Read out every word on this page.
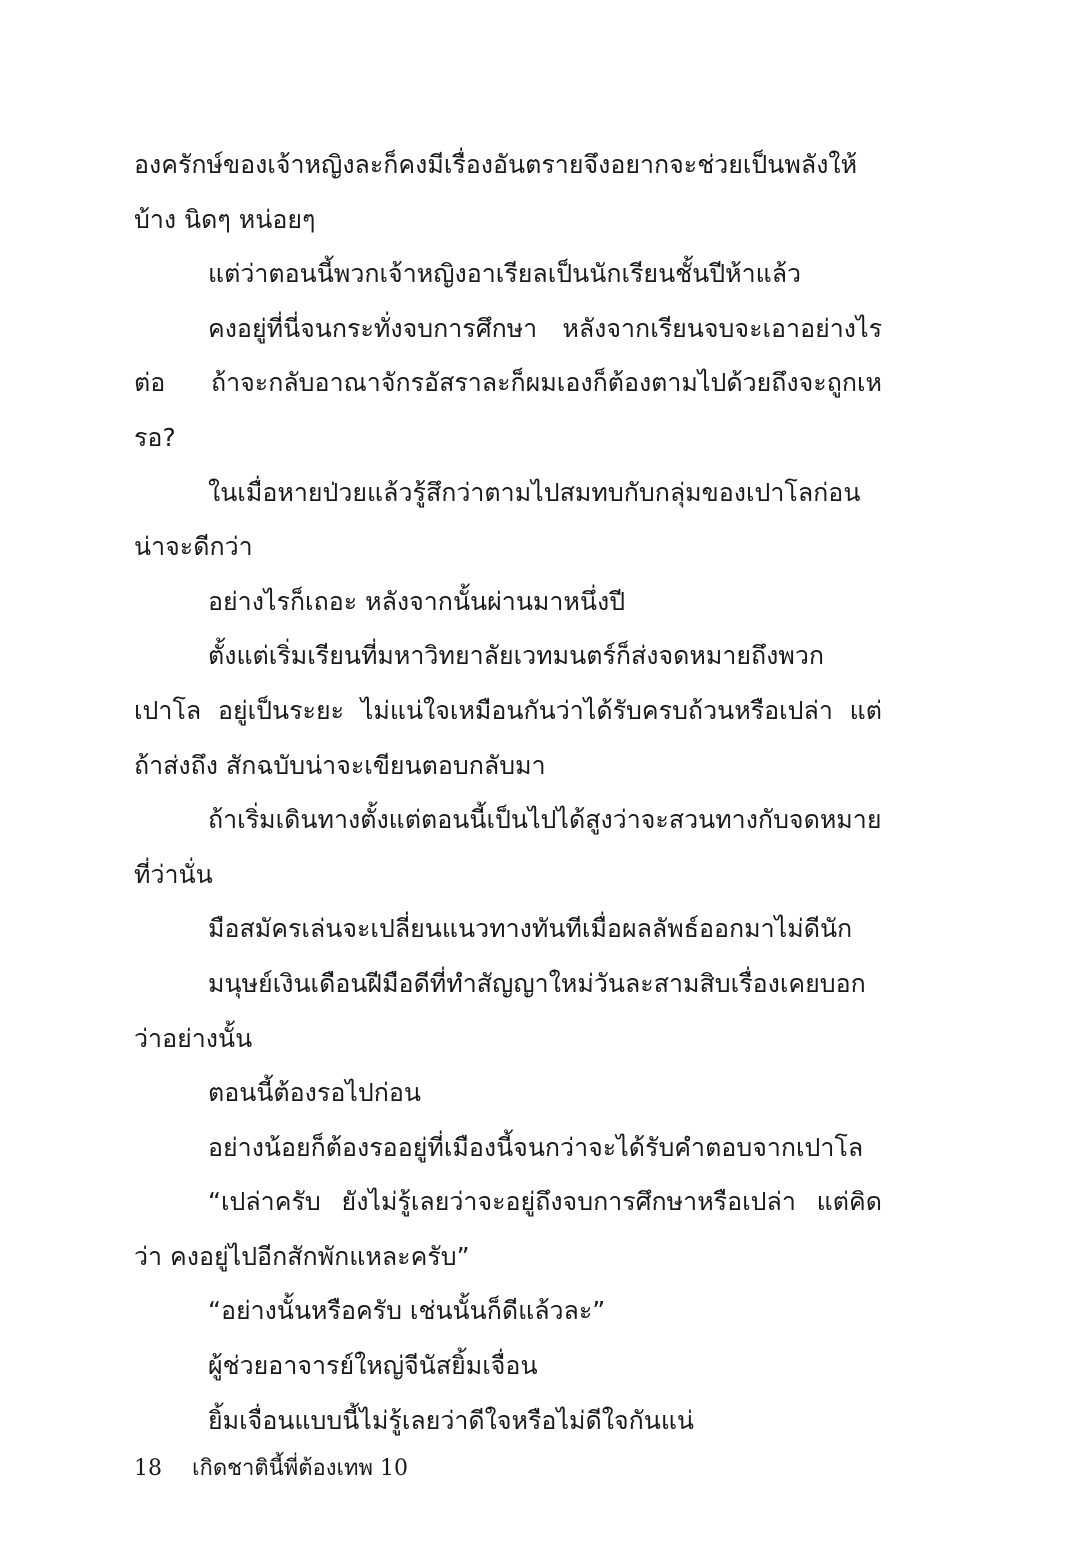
องครักษ์ของเจ้าหญิงละก็คงมีเรื่องอันตรายจึงอยากจะช่วยเป็นพลังให้บ้าง นิดๆ หน่อยๆ

แต่ว่าตอนนี้พวกเจ้าหญิงอาเรียลเป็นนักเรียนชั้นปีห้าแล้ว

คงอยู่ที่นี่จนกระทั่งจบการศึกษา หลังจากเรียนจบจะเอาอย่างไรต่อ ถ้าจะกลับอาณาจักรอัสราละก็ผมเองก็ต้องตามไปด้วยถึงจะถูกเหรอ?

ในเมื่อหายป่วยแล้วรู้สึกว่าตามไปสมทบกับกลุ่มของเปาโลก่อน น่าจะดีกว่า

อย่างไรก็เถอะ หลังจากนั้นผ่านมาหนึ่งปี

ตั้งแต่เริ่มเรียนที่มหาวิทยาลัยเวทมนตร์ก็ส่งจดหมายถึงพวกเปาโล อยู่เป็นระยะ ไม่แน่ใจเหมือนกันว่าได้รับครบถ้วนหรือเปล่า แต่ถ้าส่งถึง สักฉบับน่าจะเขียนตอบกลับมา

ถ้าเริ่มเดินทางตั้งแต่ตอนนี้เป็นไปได้สูงว่าจะสวนทางกับจดหมาย ที่ว่านั่น

มือสมัครเล่นจะเปลี่ยนแนวทางทันทีเมื่อผลลัพธ์ออกมาไม่ดีนัก

มนุษย์เงินเดือนฝีมือดีที่ทำสัญญาใหม่วันละสามสิบเรื่องเคยบอก ว่าอย่างนั้น

ตอนนี้ต้องรอไปก่อน

อย่างน้อยก็ต้องรออยู่ที่เมืองนี้จนกว่าจะได้รับคำตอบจากเปาโล

“เปล่าครับ ยังไม่รู้เลยว่าจะอยู่ถึงจบการศึกษาหรือเปล่า แต่คิดว่า คงอยู่ไปอีกสักพักแหละครับ”

“อย่างนั้นหรือครับ เช่นนั้นก็ดีแล้วละ”

ผู้ช่วยอาจารย์ใหญ่จีนัสยิ้มเจื่อน

ยิ้มเจื่อนแบบนี้ไม่รู้เลยว่าดีใจหรือไม่ดีใจกันแน่

18 เกิดชาตินี้พี่ต้องเทพ 10
